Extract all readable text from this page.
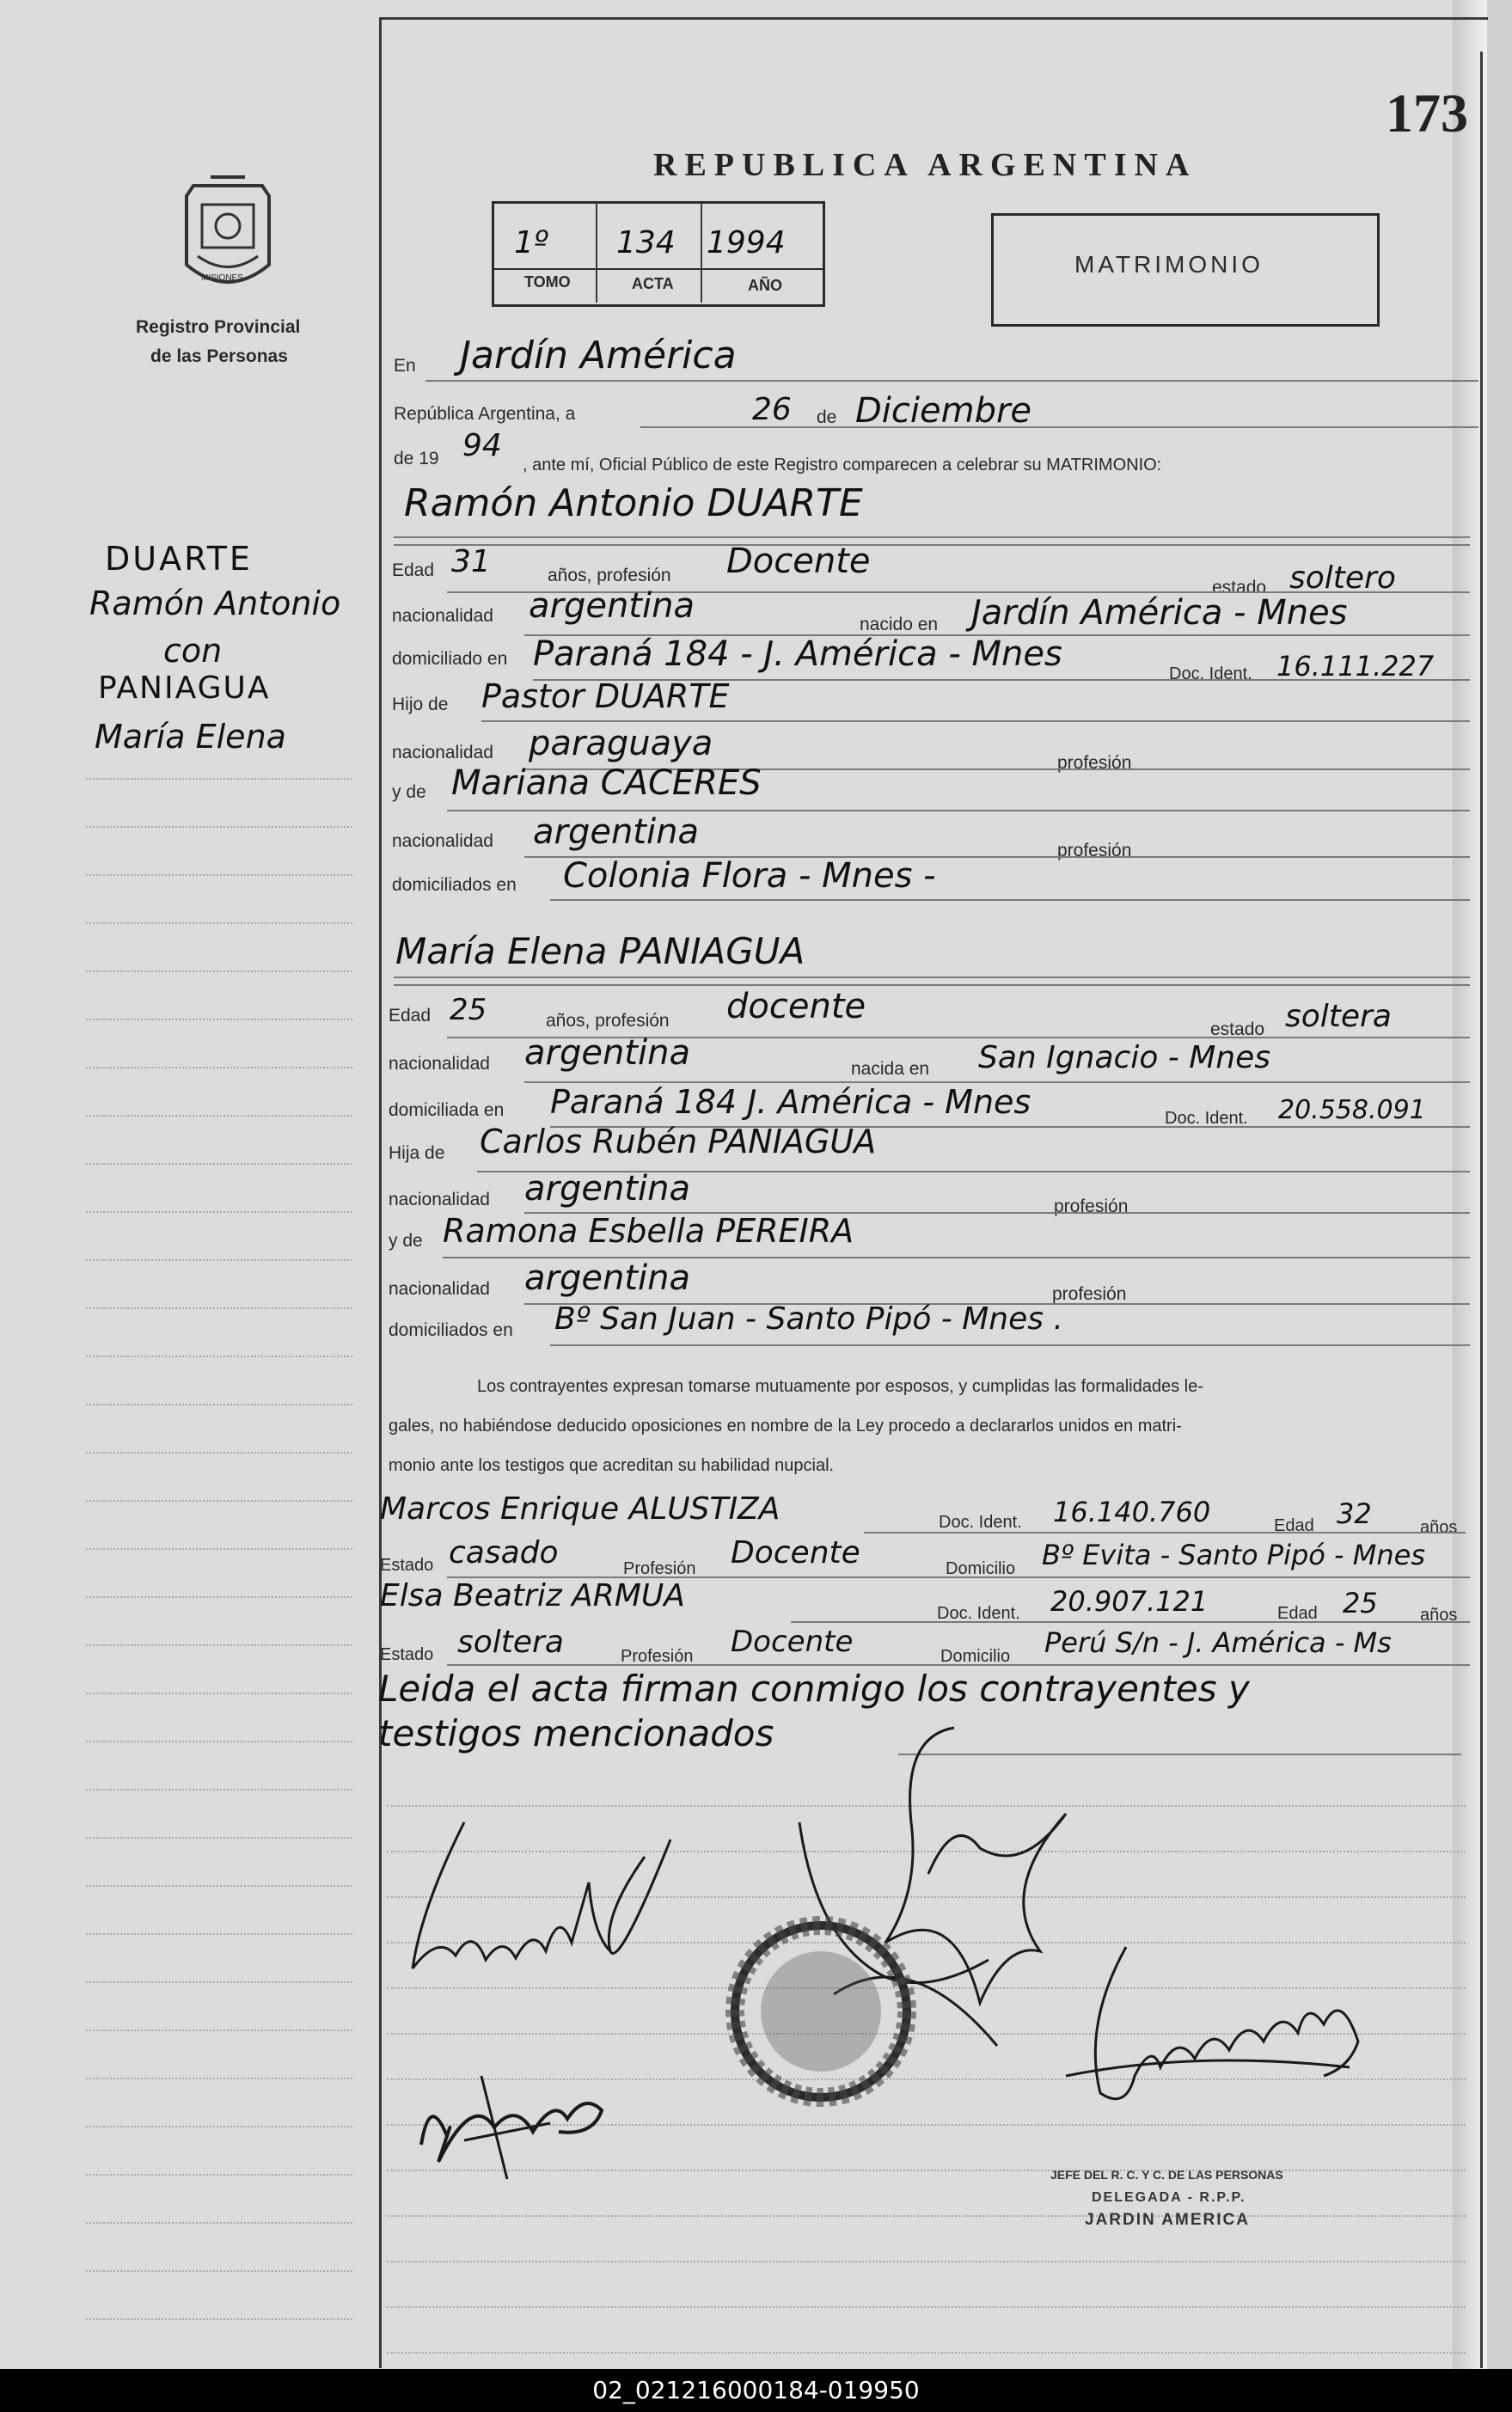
173
MISIONES
Registro Provincial
de las Personas
REPUBLICA ARGENTINA
1º 134 1994
TOMO	ACTA	AÑO
MATRIMONIO
DUARTE
Ramón Antonio
con
PANIAGUA
María Elena
En Jardín América
República Argentina, a	26 de Diciembre
de 19 94
, ante mí, Oficial Público de este Registro comparecen a celebrar su MATRIMONIO:
Ramón Antonio DUARTE
Edad 31	años, profesión Docente
estado soltero
nacionalidad argentina	nacido en Jardín América - Mnes
domiciliado en Paraná 184 - J. América - Mnes	Doc. Ident. 16.111.227
Hijo de Pastor DUARTE
nacionalidad paraguaya	profesión
y de Mariana CACERES
nacionalidad argentina	profesión
domiciliados en Colonia Flora - Mnes -
María Elena PANIAGUA
Edad 25	años, profesión docente
estado soltera
nacionalidad argentina	nacida en San Ignacio - Mnes
domiciliada en Paraná 184 J. América - Mnes	Doc. Ident. 20.558.091
Hija de Carlos Rubén PANIAGUA
nacionalidad argentina	profesión
y de Ramona Esbella PEREIRA
nacionalidad argentina	profesión
domiciliados en Bº San Juan - Santo Pipó - Mnes .
Los contrayentes expresan tomarse mutuamente por esposos, y cumplidas las formalidades le-
gales, no habiéndose deducido oposiciones en nombre de la Ley procedo a declararlos unidos en matri-
monio ante los testigos que acreditan su habilidad nupcial.
Marcos Enrique ALUSTIZA	Doc. Ident. 16.140.760	Edad 32	años
Estado casado	Profesión Docente	Domicilio Bº Evita - Santo Pipó - Mnes
Elsa Beatriz ARMUA	Doc. Ident. 20.907.121	Edad 25 años
Estado soltera	Profesión Docente	Domicilio Perú S/n - J. América - Ms
Leida el acta firman conmigo los contrayentes y
testigos mencionados
JEFE DEL R. C. Y C. DE LAS PERSONAS
DELEGADA - R.P.P.
JARDIN AMERICA
02_021216000184-019950
